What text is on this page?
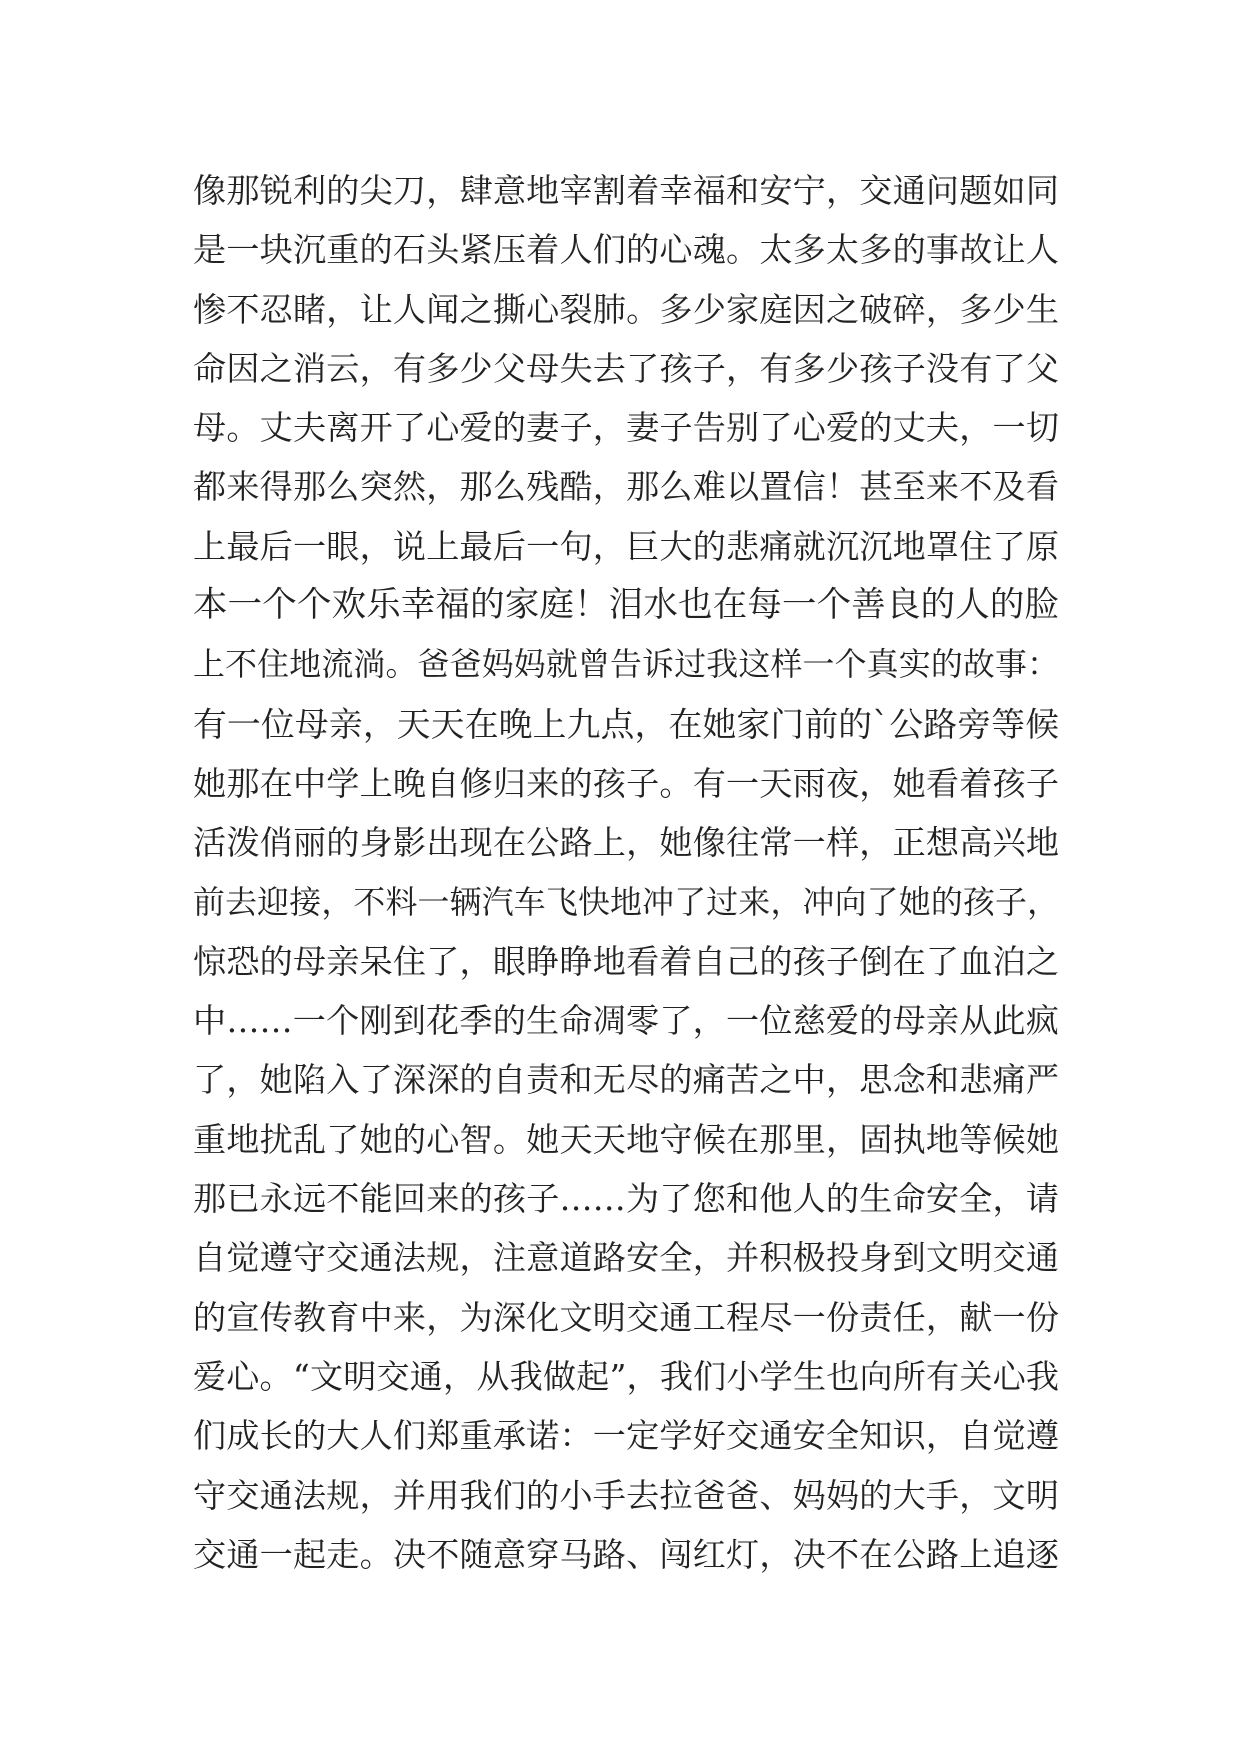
像那锐利的尖刀，肆意地宰割着幸福和安宁，交通问题如同
是一块沉重的石头紧压着人们的心魂。太多太多的事故让人
惨不忍睹，让人闻之撕心裂肺。多少家庭因之破碎，多少生
命因之消云，有多少父母失去了孩子，有多少孩子没有了父
母。丈夫离开了心爱的妻子，妻子告别了心爱的丈夫，一切
都来得那么突然，那么残酷，那么难以置信！甚至来不及看
上最后一眼，说上最后一句，巨大的悲痛就沉沉地罩住了原
本一个个欢乐幸福的家庭！泪水也在每一个善良的人的脸
上不住地流淌。爸爸妈妈就曾告诉过我这样一个真实的故事：
有一位母亲，天天在晚上九点，在她家门前的`公路旁等候
她那在中学上晚自修归来的孩子。有一天雨夜，她看着孩子
活泼俏丽的身影出现在公路上，她像往常一样，正想高兴地
前去迎接，不料一辆汽车飞快地冲了过来，冲向了她的孩子，
惊恐的母亲呆住了，眼睁睁地看着自己的孩子倒在了血泊之
中……一个刚到花季的生命凋零了，一位慈爱的母亲从此疯
了，她陷入了深深的自责和无尽的痛苦之中，思念和悲痛严
重地扰乱了她的心智。她天天地守候在那里，固执地等候她
那已永远不能回来的孩子……为了您和他人的生命安全，请
自觉遵守交通法规，注意道路安全，并积极投身到文明交通
的宣传教育中来，为深化文明交通工程尽一份责任，献一份
爱心。“文明交通，从我做起”，我们小学生也向所有关心我
们成长的大人们郑重承诺：一定学好交通安全知识，自觉遵
守交通法规，并用我们的小手去拉爸爸、妈妈的大手，文明
交通一起走。决不随意穿马路、闯红灯，决不在公路上追逐
